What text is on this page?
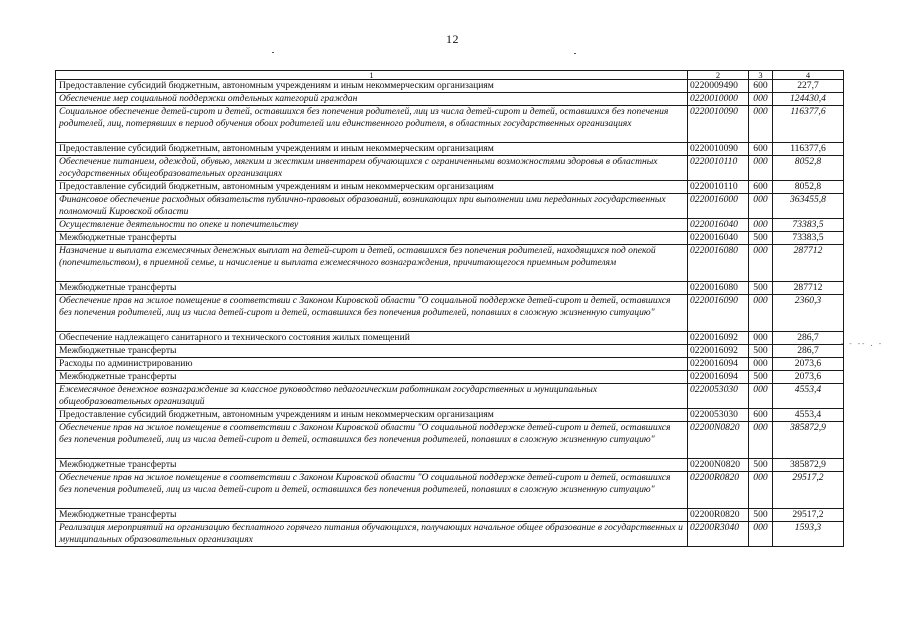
12
- - -- . -
1	2	3	4
Предоставление субсидий бюджетным, автономным учреждениям и иным некоммерческим организациям	0220009490	600	227,7
Обеспечение мер социальной поддержки отдельных категорий граждан	0220010000	000	124430,4
Социальное обеспечение детей-сирот и детей, оставшихся без попечения родителей, лиц из числа детей-сирот и детей, оставшихся без попечения родителей, лиц, потерявших в период обучения обоих родителей или единственного родителя, в областных государственных организациях	0220010090	000	116377,6
Предоставление субсидий бюджетным, автономным учреждениям и иным некоммерческим организациям	0220010090	600	116377,6
Обеспечение питанием, одеждой, обувью, мягким и жестким инвентарем обучающихся с ограниченными возможностями здоровья в областных государственных общеобразовательных организациях	0220010110	000	8052,8
Предоставление субсидий бюджетным, автономным учреждениям и иным некоммерческим организациям	0220010110	600	8052,8
Финансовое обеспечение расходных обязательств публично-правовых образований, возникающих при выполнении ими переданных государственных полномочий Кировской области	0220016000	000	363455,8
Осуществление деятельности по опеке и попечительству	0220016040	000	73383,5
Межбюджетные трансферты	0220016040	500	73383,5
Назначение и выплата ежемесячных денежных выплат на детей-сирот и детей, оставшихся без попечения родителей, находящихся под опекой (попечительством), в приемной семье, и начисление и выплата ежемесячного вознаграждения, причитающегося приемным родителям	0220016080	000	287712
Межбюджетные трансферты	0220016080	500	287712
Обеспечение прав на жилое помещение в соответствии с Законом Кировской области "О социальной поддержке детей-сирот и детей, оставшихся без попечения родителей, лиц из числа детей-сирот и детей, оставшихся без попечения родителей, попавших в сложную жизненную ситуацию"	0220016090	000	2360,3
Обеспечение надлежащего санитарного и технического состояния жилых помещений	0220016092	000	286,7
Межбюджетные трансферты	0220016092	500	286,7
Расходы по администрированию	0220016094	000	2073,6
Межбюджетные трансферты	0220016094	500	2073,6
Ежемесячное денежное вознаграждение за классное руководство педагогическим работникам государственных и муниципальных общеобразовательных организаций	0220053030	000	4553,4
Предоставление субсидий бюджетным, автономным учреждениям и иным некоммерческим организациям	0220053030	600	4553,4
Обеспечение прав на жилое помещение в соответствии с Законом Кировской области "О социальной поддержке детей-сирот и детей, оставшихся без попечения родителей, лиц из числа детей-сирот и детей, оставшихся без попечения родителей, попавших в сложную жизненную ситуацию"	02200N0820	000	385872,9
Межбюджетные трансферты	02200N0820	500	385872,9
Обеспечение прав на жилое помещение в соответствии с Законом Кировской области "О социальной поддержке детей-сирот и детей, оставшихся без попечения родителей, лиц из числа детей-сирот и детей, оставшихся без попечения родителей, попавших в сложную жизненную ситуацию"	02200R0820	000	29517,2
Межбюджетные трансферты	02200R0820	500	29517,2
Реализация мероприятий на организацию бесплатного горячего питания обучающихся, получающих начальное общее образование в государственных и муниципальных образовательных организациях	02200R3040	000	1593,3
